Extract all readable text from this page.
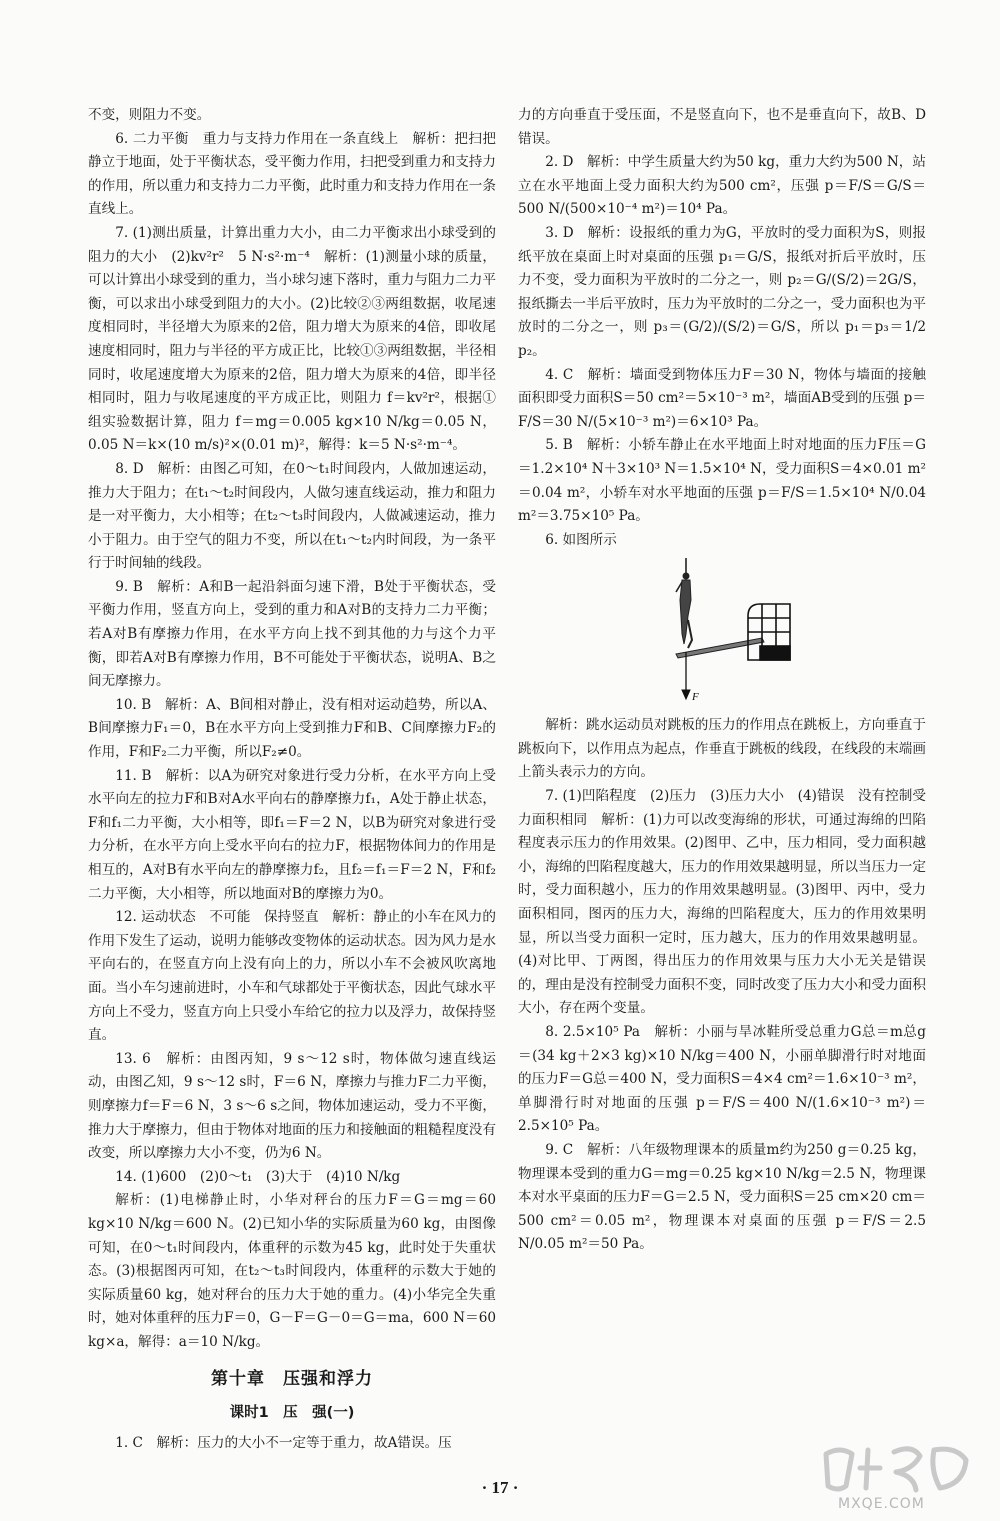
不变，则阻力不变。

6. 二力平衡　重力与支持力作用在一条直线上　解析：把扫把静立于地面，处于平衡状态，受平衡力作用，扫把受到重力和支持力的作用，所以重力和支持力二力平衡，此时重力和支持力作用在一条直线上。

7. (1)测出质量，计算出重力大小，由二力平衡求出小球受到的阻力的大小　(2)kv²r²　5 N·s²·m⁻⁴　解析：(1)测量小球的质量，可以计算出小球受到的重力，当小球匀速下落时，重力与阻力二力平衡，可以求出小球受到阻力的大小。(2)比较②③两组数据，收尾速度相同时，半径增大为原来的2倍，阻力增大为原来的4倍，即收尾速度相同时，阻力与半径的平方成正比，比较①③两组数据，半径相同时，收尾速度增大为原来的2倍，阻力增大为原来的4倍，即半径相同时，阻力与收尾速度的平方成正比，则阻力 f＝kv²r²，根据①组实验数据计算，阻力 f＝mg＝0.005 kg×10 N/kg＝0.05 N，0.05 N＝k×(10 m/s)²×(0.01 m)²，解得：k＝5 N·s²·m⁻⁴。

8. D　解析：由图乙可知，在0～t₁时间段内，人做加速运动，推力大于阻力；在t₁～t₂时间段内，人做匀速直线运动，推力和阻力是一对平衡力，大小相等；在t₂～t₃时间段内，人做减速运动，推力小于阻力。由于空气的阻力不变，所以在t₁～t₂内时间段，为一条平行于时间轴的线段。

9. B　解析：A和B一起沿斜面匀速下滑，B处于平衡状态，受平衡力作用，竖直方向上，受到的重力和A对B的支持力二力平衡；若A对B有摩擦力作用，在水平方向上找不到其他的力与这个力平衡，即若A对B有摩擦力作用，B不可能处于平衡状态，说明A、B之间无摩擦力。

10. B　解析：A、B间相对静止，没有相对运动趋势，所以A、B间摩擦力F₁＝0，B在水平方向上受到推力F和B、C间摩擦力F₂的作用，F和F₂二力平衡，所以F₂≠0。

11. B　解析：以A为研究对象进行受力分析，在水平方向上受水平向左的拉力F和B对A水平向右的静摩擦力f₁，A处于静止状态，F和f₁二力平衡，大小相等，即f₁＝F＝2 N，以B为研究对象进行受力分析，在水平方向上受水平向右的拉力F，根据物体间力的作用是相互的，A对B有水平向左的静摩擦力f₂，且f₂＝f₁＝F＝2 N，F和f₂二力平衡，大小相等，所以地面对B的摩擦力为0。

12. 运动状态　不可能　保持竖直　解析：静止的小车在风力的作用下发生了运动，说明力能够改变物体的运动状态。因为风力是水平向右的，在竖直方向上没有向上的力，所以小车不会被风吹离地面。当小车匀速前进时，小车和气球都处于平衡状态，因此气球水平方向上不受力，竖直方向上只受小车给它的拉力以及浮力，故保持竖直。

13. 6　解析：由图丙知，9 s～12 s时，物体做匀速直线运动，由图乙知，9 s～12 s时，F＝6 N，摩擦力与推力F二力平衡，则摩擦力f＝F＝6 N，3 s～6 s之间，物体加速运动，受力不平衡，推力大于摩擦力，但由于物体对地面的压力和接触面的粗糙程度没有改变，所以摩擦力大小不变，仍为6 N。

14. (1)600　(2)0～t₁　(3)大于　(4)10 N/kg

解析：(1)电梯静止时，小华对秤台的压力F＝G＝mg＝60 kg×10 N/kg＝600 N。(2)已知小华的实际质量为60 kg，由图像可知，在0～t₁时间段内，体重秤的示数为45 kg，此时处于失重状态。(3)根据图丙可知，在t₂～t₃时间段内，体重秤的示数大于她的实际质量60 kg，她对秤台的压力大于她的重力。(4)小华完全失重时，她对体重秤的压力F＝0，G－F＝G－0＝G＝ma，600 N＝60 kg×a，解得：a＝10 N/kg。

第十章　压强和浮力
课时1　压　强(一)

1. C　解析：压力的大小不一定等于重力，故A错误。压

力的方向垂直于受压面，不是竖直向下，也不是垂直向下，故B、D错误。

2. D　解析：中学生质量大约为50 kg，重力大约为500 N，站立在水平地面上受力面积大约为500 cm²，压强 p＝F/S＝G/S＝500 N/(500×10⁻⁴ m²)＝10⁴ Pa。

3. D　解析：设报纸的重力为G，平放时的受力面积为S，则报纸平放在桌面上时对桌面的压强 p₁＝G/S，报纸对折后平放时，压力不变，受力面积为平放时的二分之一，则 p₂＝G/(S/2)＝2G/S，报纸撕去一半后平放时，压力为平放时的二分之一，受力面积也为平放时的二分之一，则 p₃＝(G/2)/(S/2)＝G/S，所以 p₁＝p₃＝1/2 p₂。

4. C　解析：墙面受到物体压力F＝30 N，物体与墙面的接触面积即受力面积S＝50 cm²＝5×10⁻³ m²，墙面AB受到的压强 p＝F/S＝30 N/(5×10⁻³ m²)＝6×10³ Pa。

5. B　解析：小轿车静止在水平地面上时对地面的压力F压＝G＝1.2×10⁴ N＋3×10³ N＝1.5×10⁴ N，受力面积S＝4×0.01 m²＝0.04 m²，小轿车对水平地面的压强 p＝F/S＝1.5×10⁴ N/0.04 m²＝3.75×10⁵ Pa。

6. 如图所示

F

解析：跳水运动员对跳板的压力的作用点在跳板上，方向垂直于跳板向下，以作用点为起点，作垂直于跳板的线段，在线段的末端画上箭头表示力的方向。

7. (1)凹陷程度　(2)压力　(3)压力大小　(4)错误　没有控制受力面积相同　解析：(1)力可以改变海绵的形状，可通过海绵的凹陷程度表示压力的作用效果。(2)图甲、乙中，压力相同，受力面积越小，海绵的凹陷程度越大，压力的作用效果越明显，所以当压力一定时，受力面积越小，压力的作用效果越明显。(3)图甲、丙中，受力面积相同，图丙的压力大，海绵的凹陷程度大，压力的作用效果明显，所以当受力面积一定时，压力越大，压力的作用效果越明显。(4)对比甲、丁两图，得出压力的作用效果与压力大小无关是错误的，理由是没有控制受力面积不变，同时改变了压力大小和受力面积大小，存在两个变量。

8. 2.5×10⁵ Pa　解析：小丽与旱冰鞋所受总重力G总＝m总g＝(34 kg＋2×3 kg)×10 N/kg＝400 N，小丽单脚滑行时对地面的压力F＝G总＝400 N，受力面积S＝4×4 cm²＝1.6×10⁻³ m²，单脚滑行时对地面的压强 p＝F/S＝400 N/(1.6×10⁻³ m²)＝2.5×10⁵ Pa。

9. C　解析：八年级物理课本的质量m约为250 g＝0.25 kg，物理课本受到的重力G＝mg＝0.25 kg×10 N/kg＝2.5 N，物理课本对水平桌面的压力F＝G＝2.5 N，受力面积S＝25 cm×20 cm＝500 cm²＝0.05 m²，物理课本对桌面的压强 p＝F/S＝2.5 N/0.05 m²＝50 Pa。

· 17 ·
MXQE.COM
